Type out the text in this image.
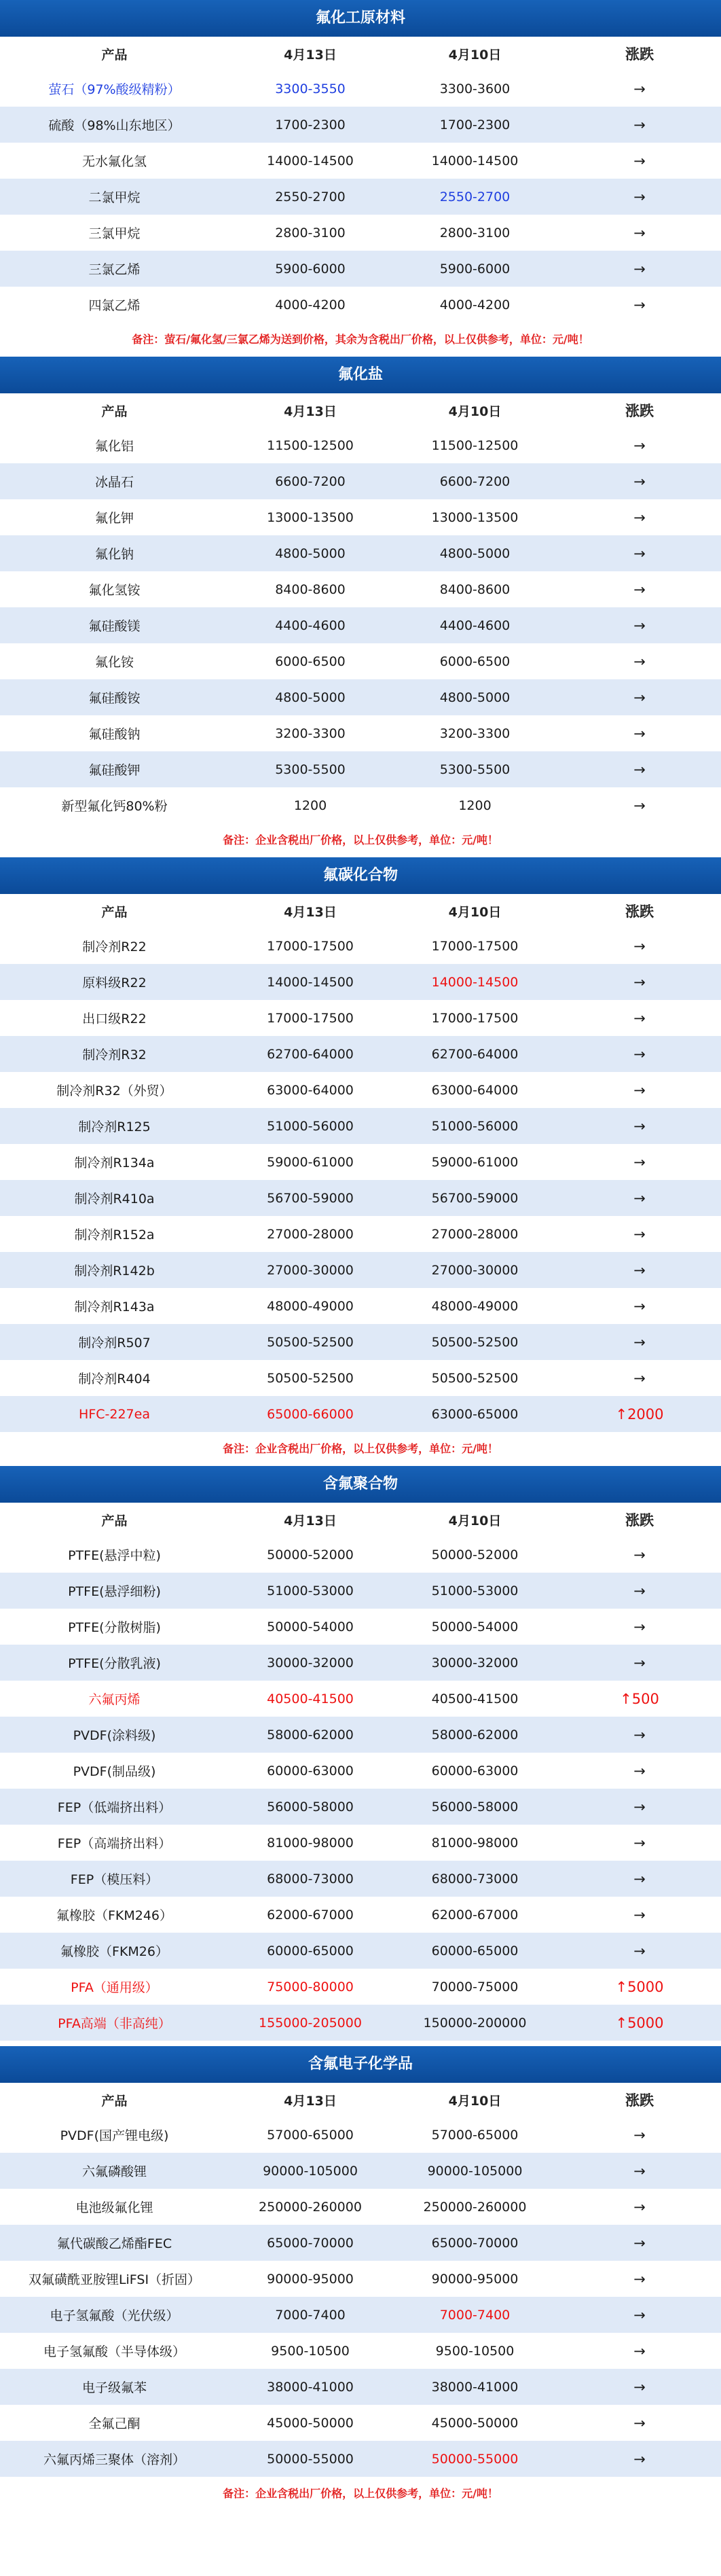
氟化工原材料
产品	4月13日	4月10日	涨跌
萤石（97%酸级精粉）	3300-3550	3300-3600	→
硫酸（98%山东地区）	1700-2300	1700-2300	→
无水氟化氢	14000-14500	14000-14500	→
二氯甲烷	2550-2700	2550-2700	→
三氯甲烷	2800-3100	2800-3100	→
三氯乙烯	5900-6000	5900-6000	→
四氯乙烯	4000-4200	4000-4200	→
备注：萤石/氟化氢/三氯乙烯为送到价格，其余为含税出厂价格，以上仅供参考，单位：元/吨！
氟化盐
产品	4月13日	4月10日	涨跌
氟化铝	11500-12500	11500-12500	→
冰晶石	6600-7200	6600-7200	→
氟化钾	13000-13500	13000-13500	→
氟化钠	4800-5000	4800-5000	→
氟化氢铵	8400-8600	8400-8600	→
氟硅酸镁	4400-4600	4400-4600	→
氟化铵	6000-6500	6000-6500	→
氟硅酸铵	4800-5000	4800-5000	→
氟硅酸钠	3200-3300	3200-3300	→
氟硅酸钾	5300-5500	5300-5500	→
新型氟化钙80%粉	1200	1200	→
备注：企业含税出厂价格，以上仅供参考，单位：元/吨！
氟碳化合物
产品	4月13日	4月10日	涨跌
制冷剂R22	17000-17500	17000-17500	→
原料级R22	14000-14500	14000-14500	→
出口级R22	17000-17500	17000-17500	→
制冷剂R32	62700-64000	62700-64000	→
制冷剂R32（外贸）	63000-64000	63000-64000	→
制冷剂R125	51000-56000	51000-56000	→
制冷剂R134a	59000-61000	59000-61000	→
制冷剂R410a	56700-59000	56700-59000	→
制冷剂R152a	27000-28000	27000-28000	→
制冷剂R142b	27000-30000	27000-30000	→
制冷剂R143a	48000-49000	48000-49000	→
制冷剂R507	50500-52500	50500-52500	→
制冷剂R404	50500-52500	50500-52500	→
HFC-227ea	65000-66000	63000-65000	↑2000
备注：企业含税出厂价格，以上仅供参考，单位：元/吨！
含氟聚合物
产品	4月13日	4月10日	涨跌
PTFE(悬浮中粒)	50000-52000	50000-52000	→
PTFE(悬浮细粉)	51000-53000	51000-53000	→
PTFE(分散树脂)	50000-54000	50000-54000	→
PTFE(分散乳液)	30000-32000	30000-32000	→
六氟丙烯	40500-41500	40500-41500	↑500
PVDF(涂料级)	58000-62000	58000-62000	→
PVDF(制品级)	60000-63000	60000-63000	→
FEP（低端挤出料）	56000-58000	56000-58000	→
FEP（高端挤出料）	81000-98000	81000-98000	→
FEP（模压料）	68000-73000	68000-73000	→
氟橡胶（FKM246）	62000-67000	62000-67000	→
氟橡胶（FKM26）	60000-65000	60000-65000	→
PFA（通用级）	75000-80000	70000-75000	↑5000
PFA高端（非高纯）	155000-205000	150000-200000	↑5000
含氟电子化学品
产品	4月13日	4月10日	涨跌
PVDF(国产锂电级)	57000-65000	57000-65000	→
六氟磷酸锂	90000-105000	90000-105000	→
电池级氟化锂	250000-260000	250000-260000	→
氟代碳酸乙烯酯FEC	65000-70000	65000-70000	→
双氟磺酰亚胺锂LiFSI（折固）	90000-95000	90000-95000	→
电子氢氟酸（光伏级）	7000-7400	7000-7400	→
电子氢氟酸（半导体级）	9500-10500	9500-10500	→
电子级氟苯	38000-41000	38000-41000	→
全氟己酮	45000-50000	45000-50000	→
六氟丙烯三聚体（溶剂）	50000-55000	50000-55000	→
备注：企业含税出厂价格，以上仅供参考，单位：元/吨！
